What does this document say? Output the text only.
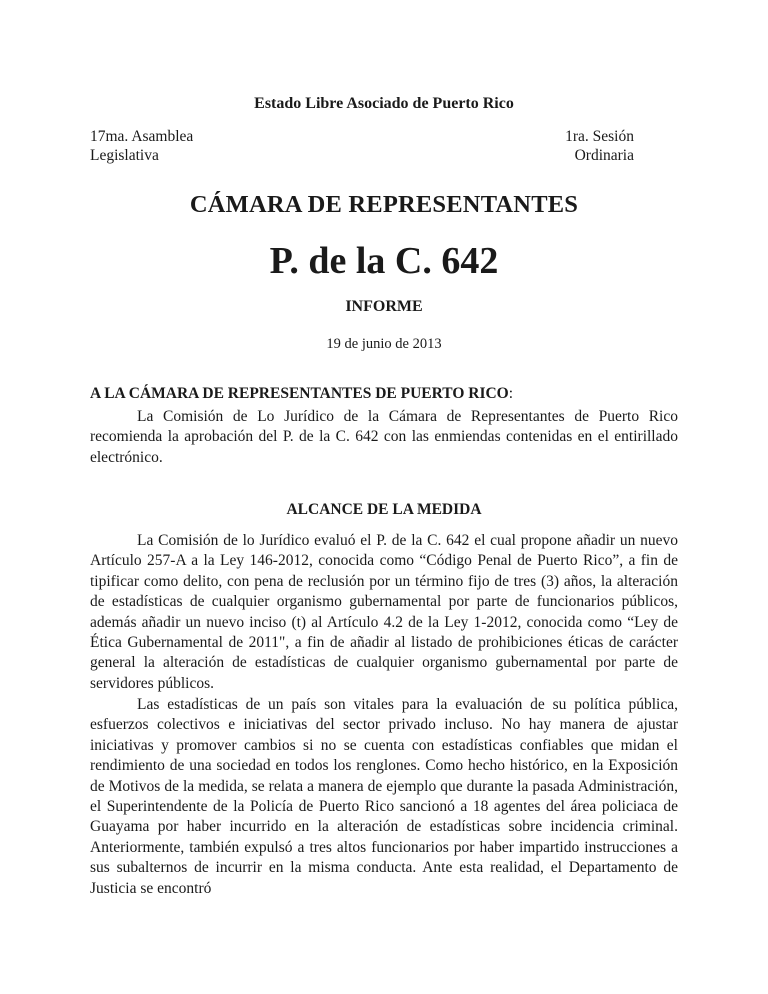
Estado Libre Asociado de Puerto Rico
17ma. Asamblea
Legislativa
1ra. Sesión
Ordinaria
CÁMARA DE REPRESENTANTES
P. de la C. 642
INFORME
19 de junio de 2013
A LA CÁMARA DE REPRESENTANTES DE PUERTO RICO:

La Comisión de Lo Jurídico de la Cámara de Representantes de Puerto Rico recomienda la aprobación del P. de la C. 642 con las enmiendas contenidas en el entirillado electrónico.

ALCANCE DE LA MEDIDA

La Comisión de lo Jurídico evaluó el P. de la C. 642 el cual propone añadir un nuevo Artículo 257-A a la Ley 146-2012, conocida como “Código Penal de Puerto Rico”, a fin de tipificar como delito, con pena de reclusión por un término fijo de tres (3) años, la alteración de estadísticas de cualquier organismo gubernamental por parte de funcionarios públicos, además añadir un nuevo inciso (t) al Artículo 4.2 de la Ley 1-2012, conocida como “Ley de Ética Gubernamental de 2011", a fin de añadir al listado de prohibiciones éticas de carácter general la alteración de estadísticas de cualquier organismo gubernamental por parte de servidores públicos.

Las estadísticas de un país son vitales para la evaluación de su política pública, esfuerzos colectivos e iniciativas del sector privado incluso. No hay manera de ajustar iniciativas y promover cambios si no se cuenta con estadísticas confiables que midan el rendimiento de una sociedad en todos los renglones. Como hecho histórico, en la Exposición de Motivos de la medida, se relata a manera de ejemplo que durante la pasada Administración, el Superintendente de la Policía de Puerto Rico sancionó a 18 agentes del área policiaca de Guayama por haber incurrido en la alteración de estadísticas sobre incidencia criminal. Anteriormente, también expulsó a tres altos funcionarios por haber impartido instrucciones a sus subalternos de incurrir en la misma conducta. Ante esta realidad, el Departamento de Justicia se encontró
